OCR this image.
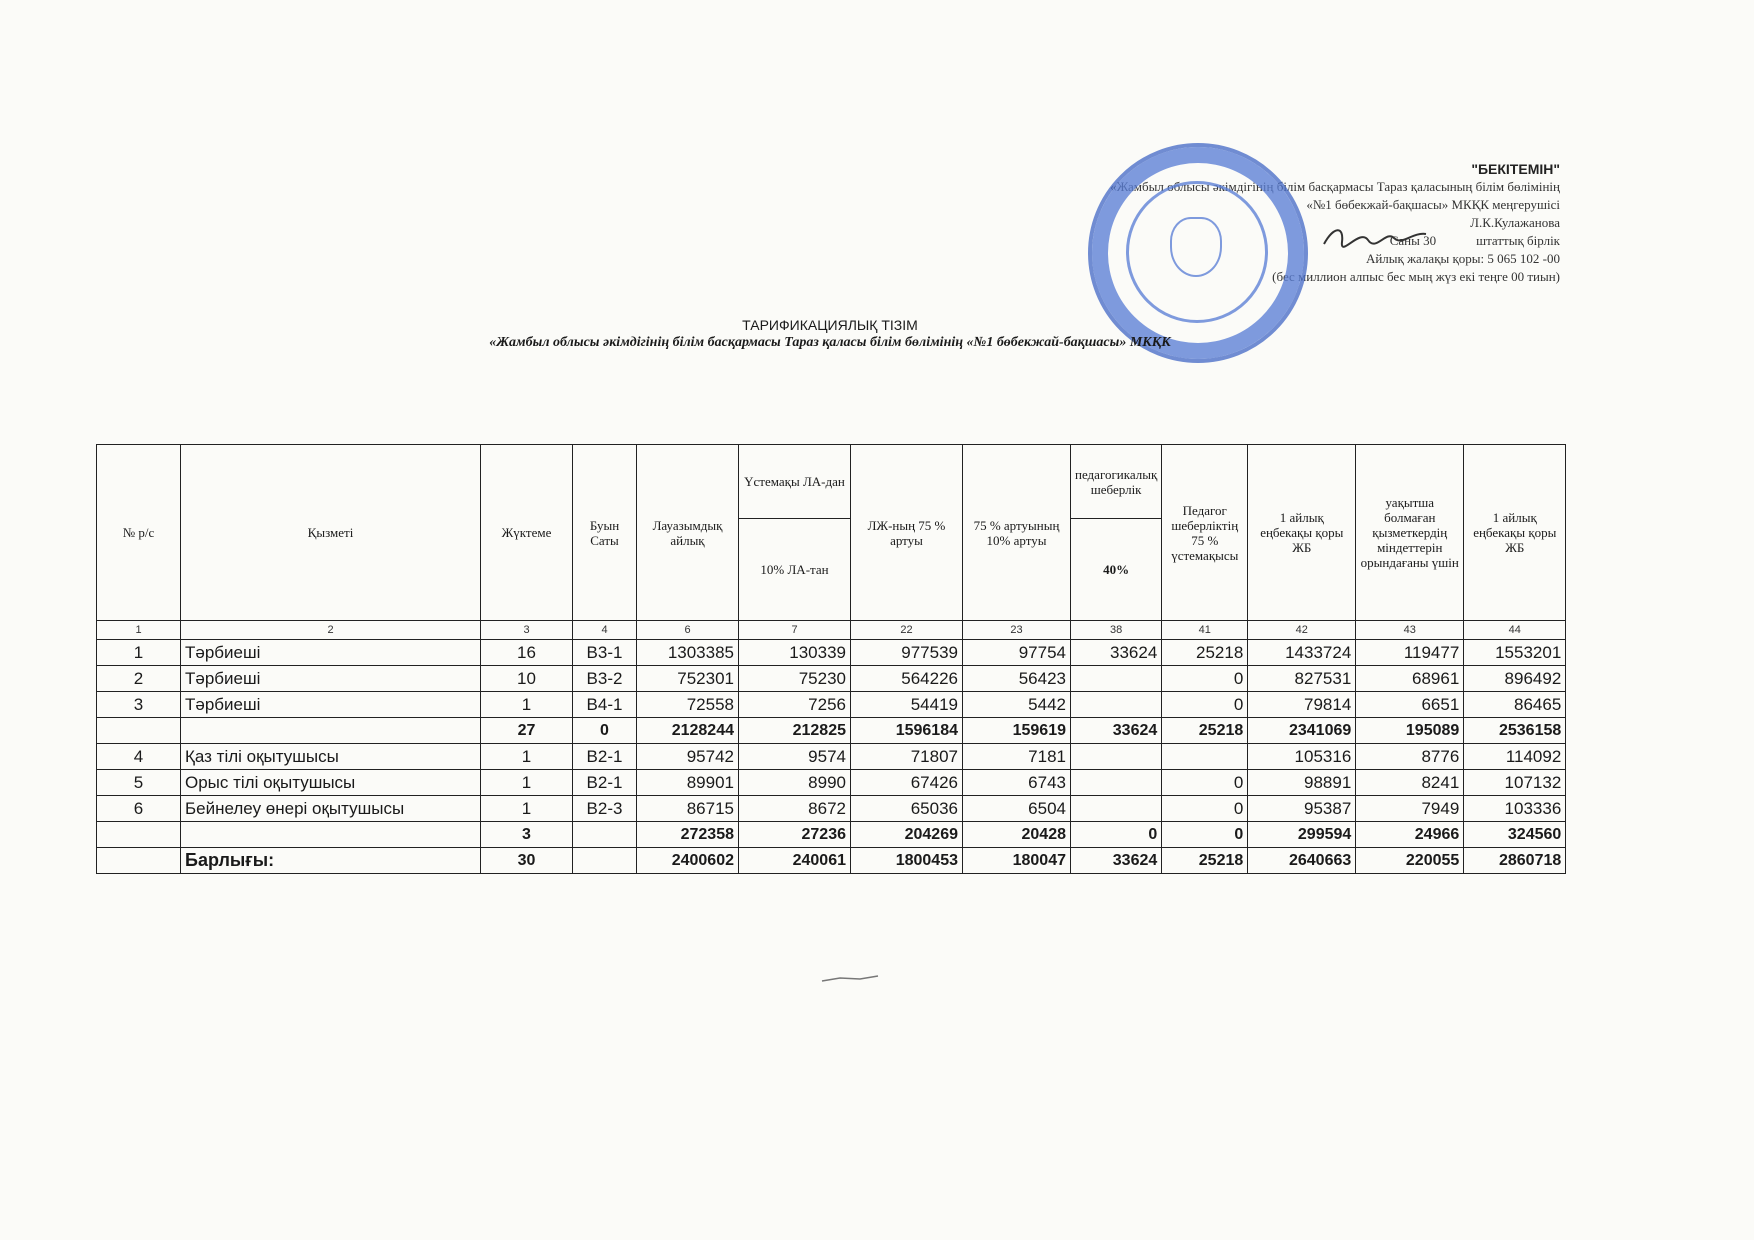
"БЕКІТЕМІН"
«Жамбыл облысы әкімдігінің білім басқармасы Тараз қаласының білім бөлімінің
«№1 бөбекжай-бақшасы» МКҚК меңгерушісі
Л.К.Кулажанова
Саны 30	штаттық бірлік
Айлық жалақы қоры: 5 065 102 -00
(бес миллион алпыс бес мың жүз екі теңге 00 тиын)
ТАРИФИКАЦИЯЛЫҚ ТІЗІМ
«Жамбыл облысы әкімдігінің білім басқармасы Тараз қаласы білім бөлімінің «№1 бөбекжай-бақшасы» МКҚК
№ р/с	Қызметі	Жүктеме	Буын Саты	Лауазымдық айлық	Үстемақы ЛА-дан	ЛЖ-ның 75 % артуы	75 % артуының 10% артуы	педагогикалық шеберлік	Педагог шеберліктің 75 % үстемақысы	1 айлық еңбекақы қоры ЖБ	уақытша болмаған қызметкердің міндеттерін орындағаны үшін	1 айлық еңбекақы қоры ЖБ
					10% ЛА-тан			40%				
1	2	3	4	6	7	22	23	38	41	42	43	44
1	Тәрбиеші	16	B3-1	1303385	130339	977539	97754	33624	25218	1433724	119477	1553201
2	Тәрбиеші	10	B3-2	752301	75230	564226	56423		0	827531	68961	896492
3	Тәрбиеші	1	B4-1	72558	7256	54419	5442		0	79814	6651	86465
		27	0	2128244	212825	1596184	159619	33624	25218	2341069	195089	2536158
4	Қаз тілі оқытушысы	1	B2-1	95742	9574	71807	7181			105316	8776	114092
5	Орыс тілі оқытушысы	1	B2-1	89901	8990	67426	6743		0	98891	8241	107132
6	Бейнелеу өнері оқытушысы	1	B2-3	86715	8672	65036	6504		0	95387	7949	103336
		3		272358	27236	204269	20428	0	0	299594	24966	324560
	Барлығы:	30		2400602	240061	1800453	180047	33624	25218	2640663	220055	2860718
